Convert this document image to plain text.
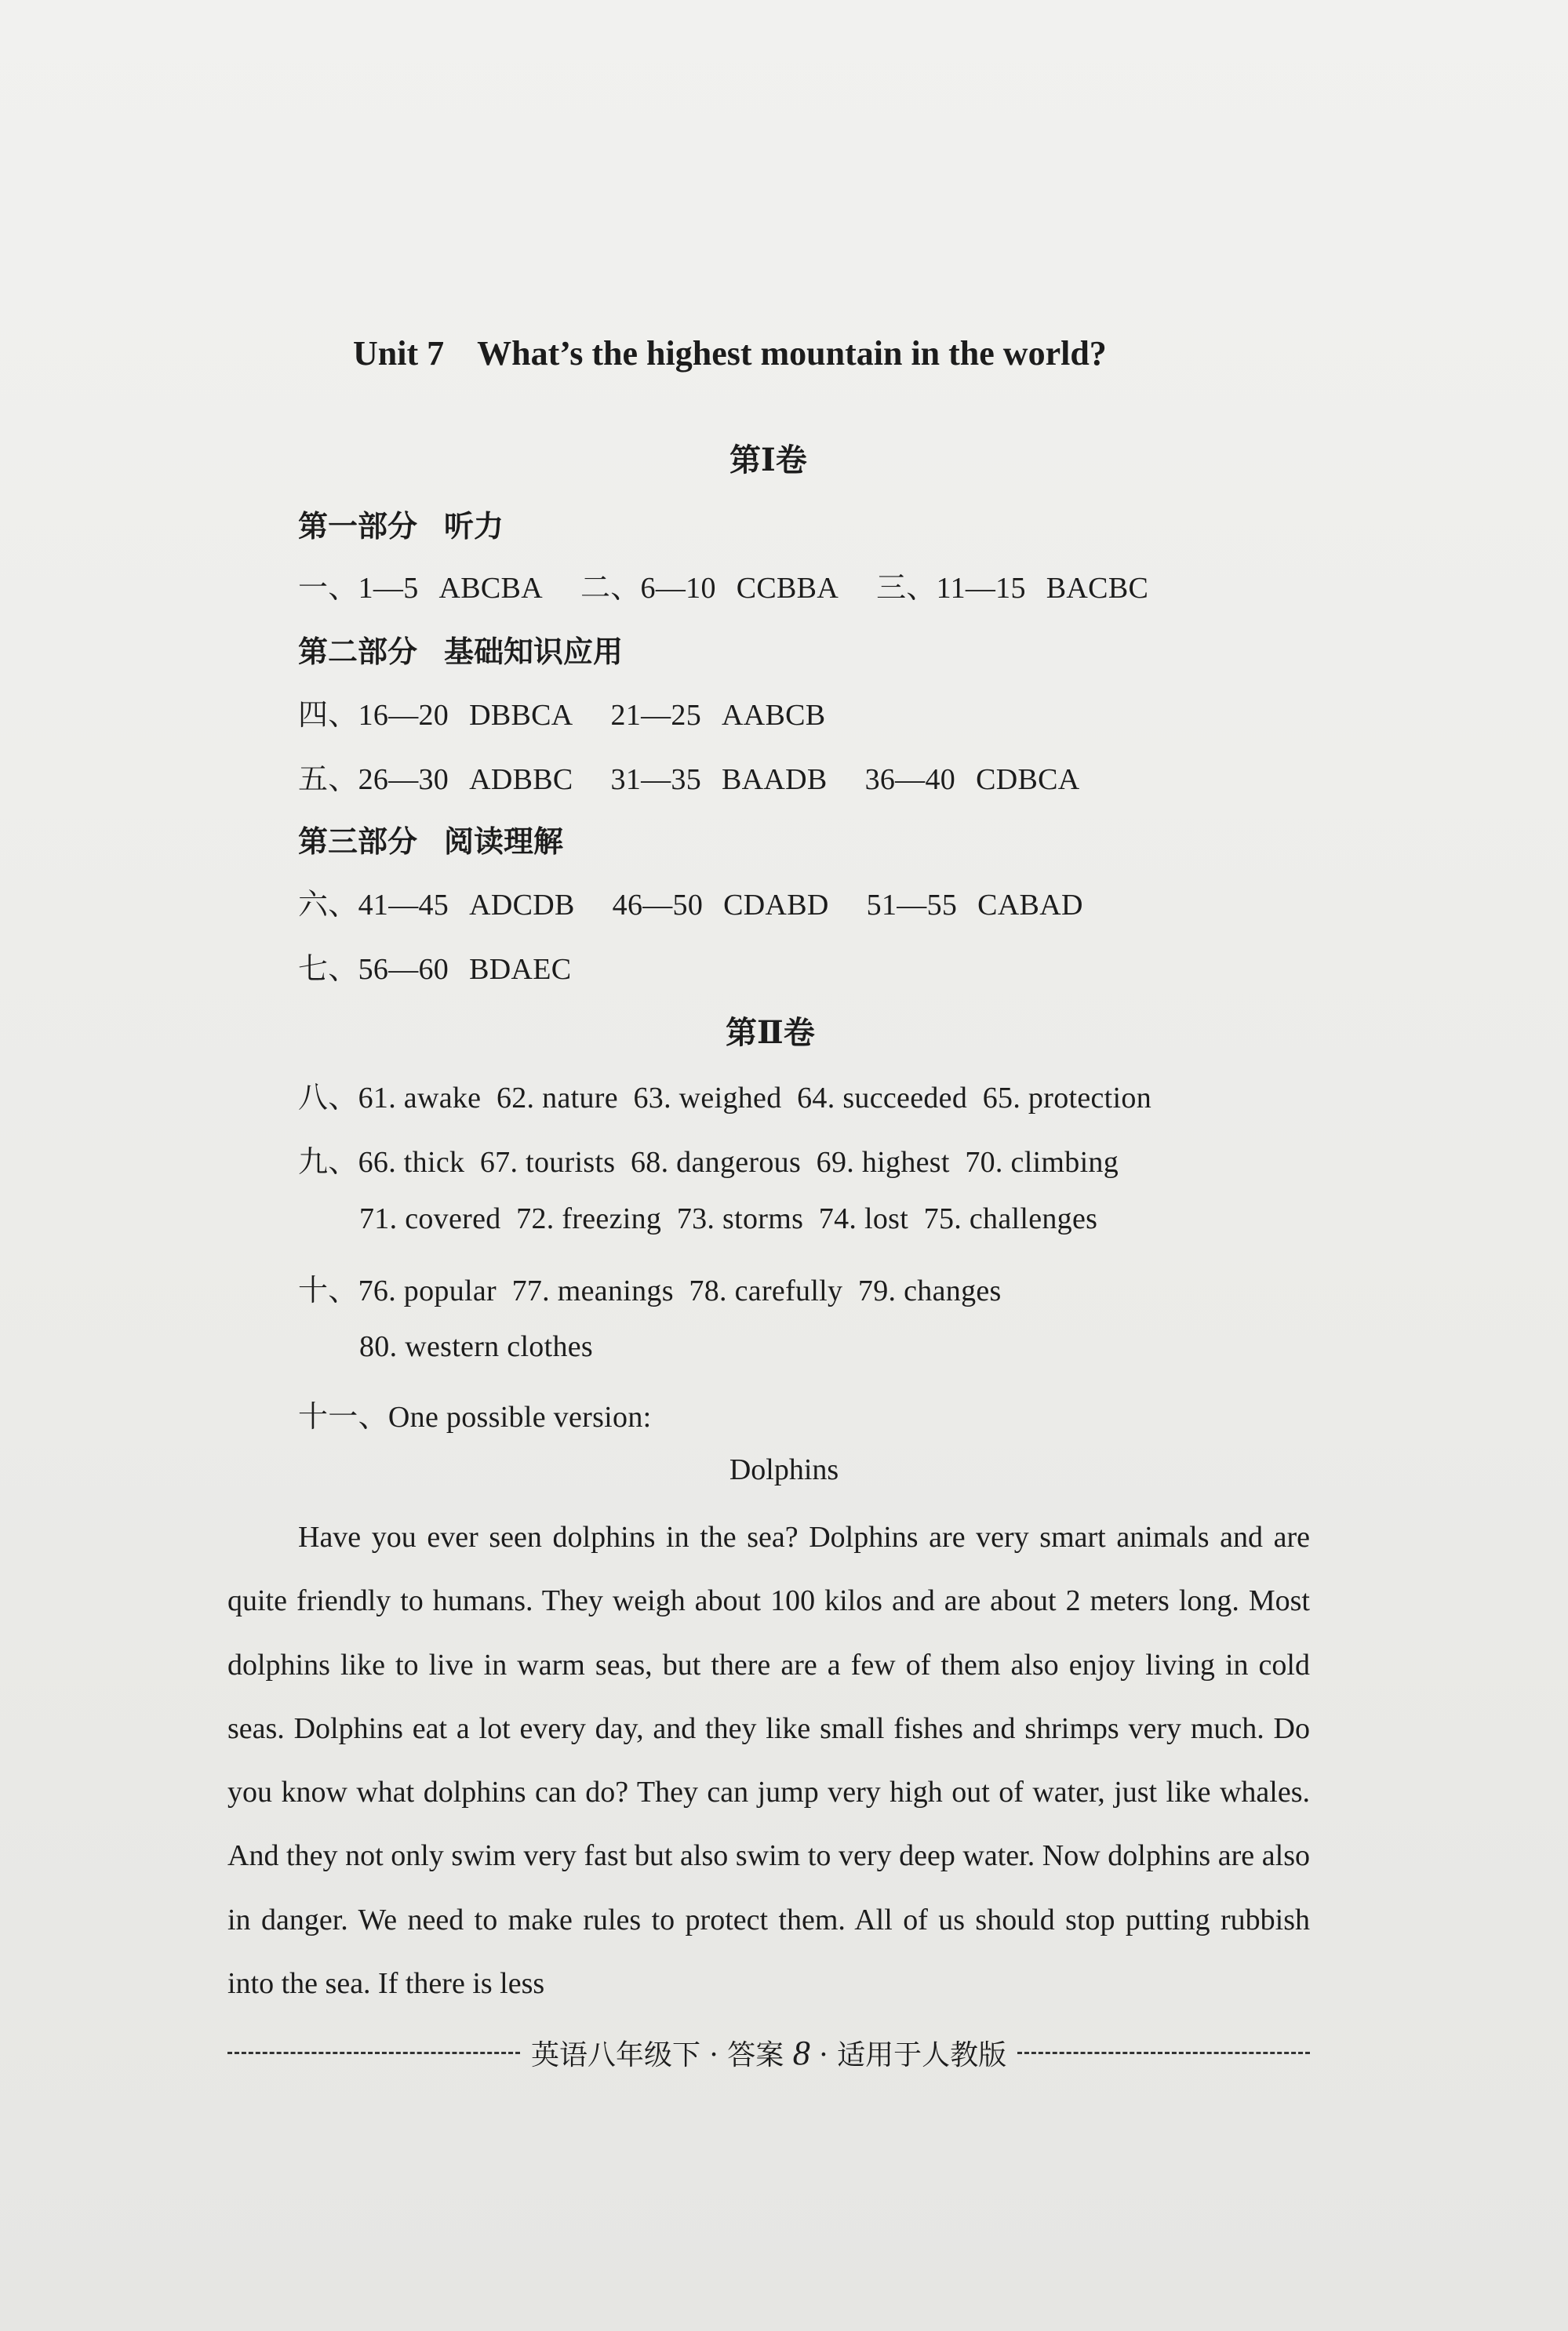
Unit 7 What’s the highest mountain in the world?
第Ⅰ卷
第一部分 听力
一、1—5 ABCBA 二、6—10 CCBBA 三、11—15 BACBC
第二部分 基础知识应用
四、16—20 DBBCA 21—25 AABCB
五、26—30 ADBBC 31—35 BAADB 36—40 CDBCA
第三部分 阅读理解
六、41—45 ADCDB 46—50 CDABD 51—55 CABAD
七、56—60 BDAEC
第Ⅱ卷
八、61. awake  62. nature  63. weighed  64. succeeded  65. protection
九、66. thick  67. tourists  68. dangerous  69. highest  70. climbing
71. covered  72. freezing  73. storms  74. lost  75. challenges
十、76. popular  77. meanings  78. carefully  79. changes
80. western clothes
十一、One possible version:
Dolphins
Have you ever seen dolphins in the sea? Dolphins are very smart animals and are quite friendly to humans. They weigh about 100 kilos and are about 2 meters long. Most dolphins like to live in warm seas, but there are a few of them also enjoy living in cold seas. Dolphins eat a lot every day, and they like small fishes and shrimps very much. Do you know what dolphins can do? They can jump very high out of water, just like whales. And they not only swim very fast but also swim to very deep water. Now dolphins are also in danger. We need to make rules to protect them. All of us should stop putting rubbish into the sea. If there is less
英语八年级下 · 答案 8 · 适用于人教版
